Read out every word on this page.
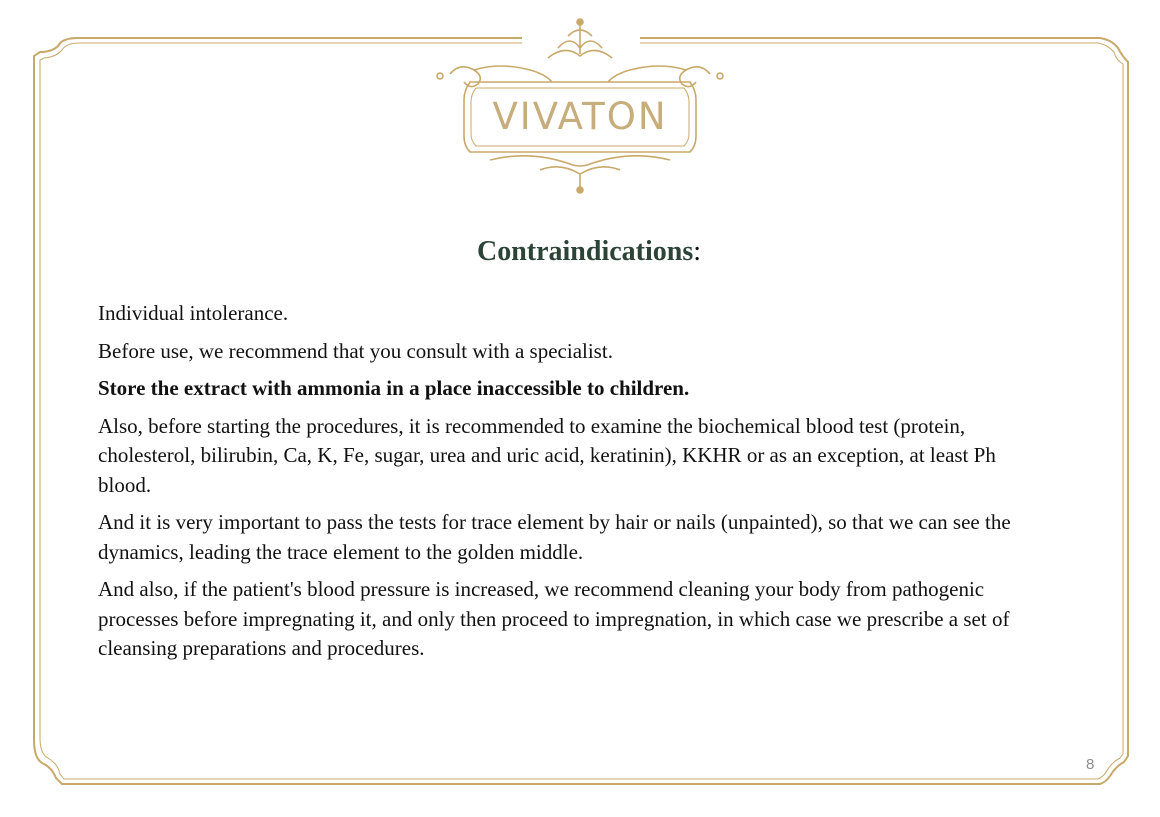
VIVATON
Contraindications:

Individual intolerance.

Before use, we recommend that you consult with a specialist.

Store the extract with ammonia in a place inaccessible to children.

Also, before starting the procedures, it is recommended to examine the biochemical blood test (protein, cholesterol, bilirubin, Ca, K, Fe, sugar, urea and uric acid, keratinin), KKHR or as an exception, at least Ph blood.

And it is very important to pass the tests for trace element by hair or nails (unpainted), so that we can see the dynamics, leading the trace element to the golden middle.

And also, if the patient's blood pressure is increased, we recommend cleaning your body from pathogenic processes before impregnating it, and only then proceed to impregnation, in which case we prescribe a set of cleansing preparations and procedures.

8
